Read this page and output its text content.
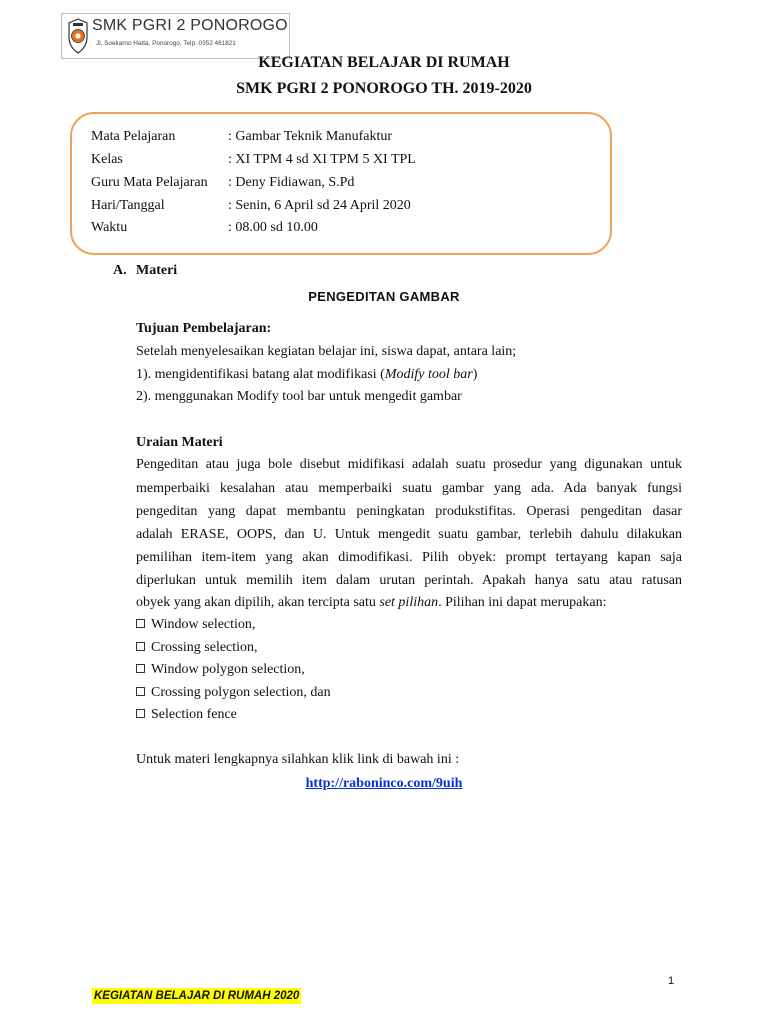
SMK PGRI 2 PONOROGO
Jl. Soekarno Hatta, Ponorogo, Telp. 0352 461821
KEGIATAN BELAJAR DI RUMAH
SMK PGRI 2 PONOROGO TH. 2019-2020
Mata Pelajaran	: Gambar Teknik Manufaktur
Kelas	: XI TPM 4 sd XI TPM 5 XI TPL
Guru Mata Pelajaran : Deny Fidiawan, S.Pd
Hari/Tanggal	: Senin, 6 April sd 24 April 2020
Waktu	: 08.00 sd 10.00
A. Materi
PENGEDITAN GAMBAR
Tujuan Pembelajaran:
Setelah menyelesaikan kegiatan belajar ini, siswa dapat, antara lain;
1). mengidentifikasi batang alat modifikasi (Modify tool bar)
2). menggunakan Modify tool bar untuk mengedit gambar
Uraian Materi
Pengeditan atau juga bole disebut midifikasi adalah suatu prosedur yang digunakan untuk
memperbaiki kesalahan atau memperbaiki suatu gambar yang ada. Ada banyak fungsi
pengeditan yang dapat membantu peningkatan produkstifitas. Operasi pengeditan dasar
adalah ERASE, OOPS, dan U. Untuk mengedit suatu gambar, terlebih dahulu dilakukan
pemilihan item-item yang akan dimodifikasi. Pilih obyek: prompt tertayang kapan saja
diperlukan untuk memilih item dalam urutan perintah. Apakah hanya satu atau ratusan
obyek yang akan dipilih, akan tercipta satu set pilihan. Pilihan ini dapat merupakan:
Window selection,
Crossing selection,
Window polygon selection,
Crossing polygon selection, dan
Selection fence
Untuk materi lengkapnya silahkan klik link di bawah ini :
http://raboninco.com/9uih
1
KEGIATAN BELAJAR DI RUMAH 2020
